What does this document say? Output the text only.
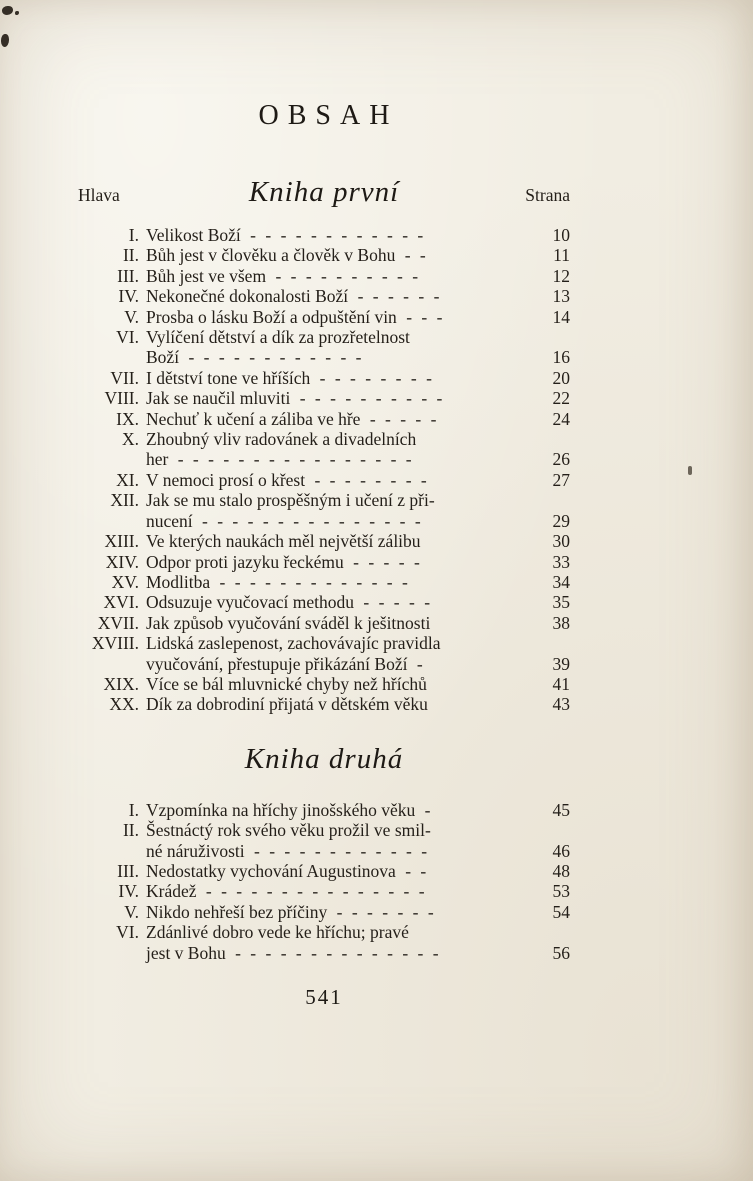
OBSAH
Hlava	Kniha první	Strana
I. Velikost Boží - - - - - - - - - - - -	10
II. Bůh jest v člověku a člověk v Bohu - -	11
III. Bůh jest ve všem - - - - - - - - - -	12
IV. Nekonečné dokonalosti Boží - - - - - -	13
V. Prosba o lásku Boží a odpuštění vin - - -	14
VI. Vylíčení dětství a dík za prozřetelnost
Boží - - - - - - - - - - - -	16
VII. I dětství tone ve hříších - - - - - - - -	20
VIII. Jak se naučil mluviti - - - - - - - - - -	22
IX. Nechuť k učení a záliba ve hře - - - - -	24
X. Zhoubný vliv radovánek a divadelních
her - - - - - - - - - - - - - - - -	26
XI. V nemoci prosí o křest - - - - - - - -	27
XII. Jak se mu stalo prospěšným i učení z při-
nucení - - - - - - - - - - - - - - -	29
XIII. Ve kterých naukách měl největší zálibu	30
XIV. Odpor proti jazyku řeckému - - - - -	33
XV. Modlitba - - - - - - - - - - - - -	34
XVI. Odsuzuje vyučovací methodu - - - - -	35
XVII. Jak způsob vyučování sváděl k ješitnosti	38
XVIII. Lidská zaslepenost, zachovávajíc pravidla
vyučování, přestupuje přikázání Boží -	39
XIX. Více se bál mluvnické chyby než hříchů	41
XX. Dík za dobrodiní přijatá v dětském věku	43
Kniha druhá
I. Vzpomínka na hříchy jinošského věku -	45
II. Šestnáctý rok svého věku prožil ve smil-
né náruživosti - - - - - - - - - - - -	46
III. Nedostatky vychování Augustinova - -	48
IV. Krádež - - - - - - - - - - - - - - -	53
V. Nikdo nehřeší bez příčiny - - - - - - -	54
VI. Zdánlivé dobro vede ke hříchu; pravé
jest v Bohu - - - - - - - - - - - - - -	56
541
